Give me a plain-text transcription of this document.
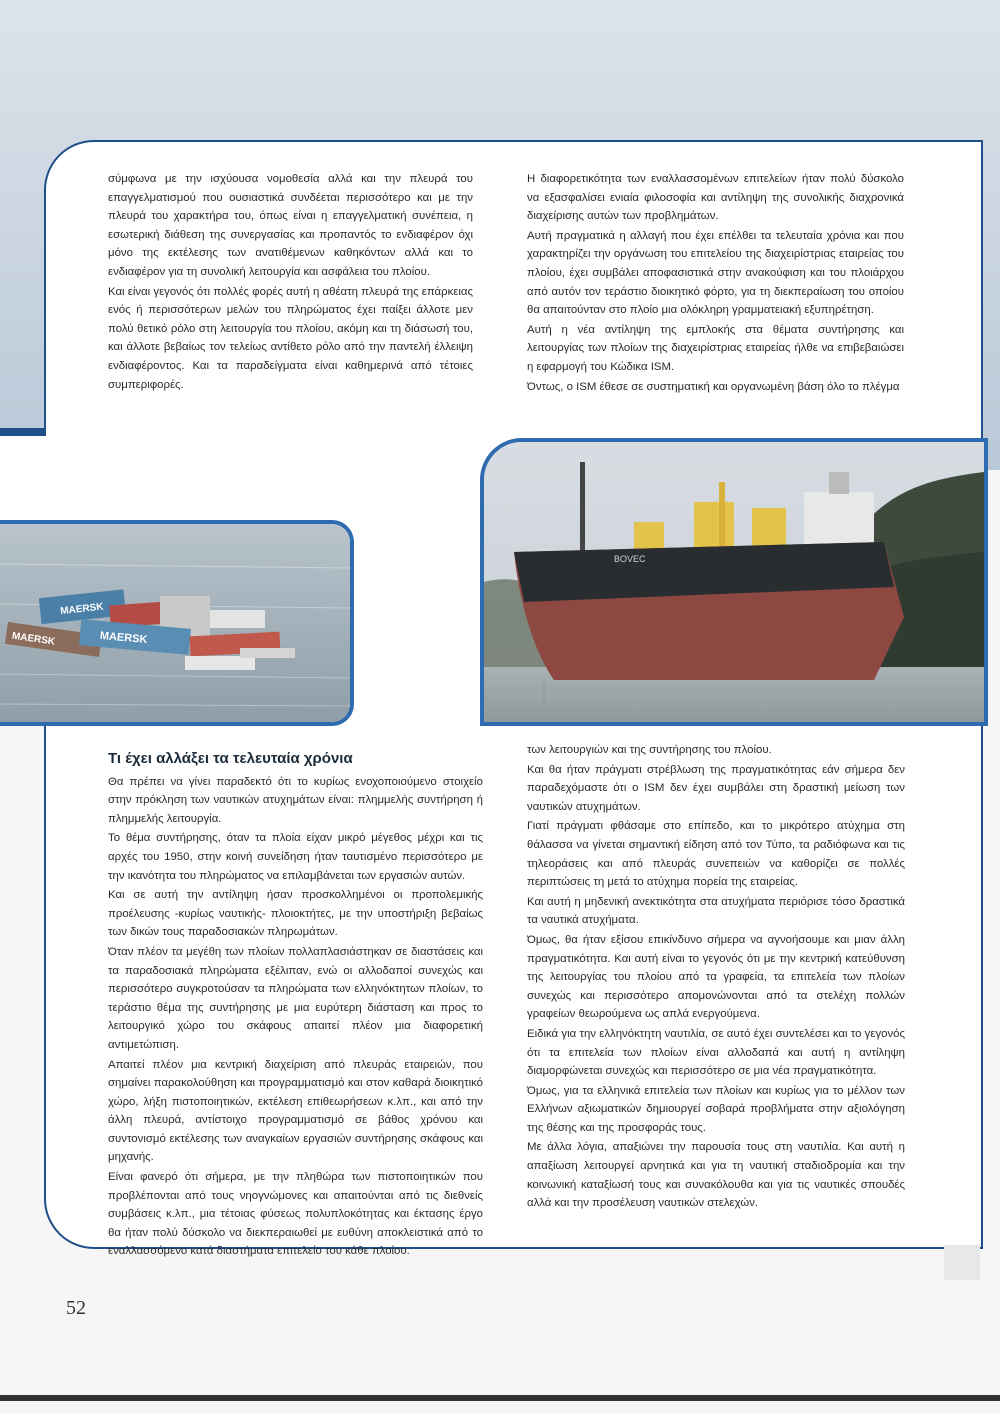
σύμφωνα με την ισχύουσα νομοθεσία αλλά και την πλευρά του επαγγελματισμού που ουσιαστικά συνδέεται περισσότερο και με την πλευρά του χαρακτήρα του, όπως είναι η επαγγελματική συνέπεια, η εσωτερική διάθεση της συνεργασίας και προπαντός το ενδιαφέρον όχι μόνο της εκτέλεσης των ανατιθέμενων καθηκόντων αλλά και το ενδιαφέρον για τη συνολική λειτουργία και ασφάλεια του πλοίου.

Και είναι γεγονός ότι πολλές φορές αυτή η αθέατη πλευρά της επάρκειας ενός ή περισσότερων μελών του πληρώματος έχει παίξει άλλοτε μεν πολύ θετικό ρόλο στη λειτουργία του πλοίου, ακόμη και τη διάσωσή του, και άλλοτε βεβαίως τον τελείως αντίθετο ρόλο από την παντελή έλλειψη ενδιαφέροντος. Και τα παραδείγματα είναι καθημερινά από τέτοιες συμπεριφορές.

Η διαφορετικότητα των εναλλασσομένων επιτελείων ήταν πολύ δύσκολο να εξασφαλίσει ενιαία φιλοσοφία και αντίληψη της συνολικής διαχρονικά διαχείρισης αυτών των προβλημάτων.

Αυτή πραγματικά η αλλαγή που έχει επέλθει τα τελευταία χρόνια και που χαρακτηρίζει την οργάνωση του επιτελείου της διαχειρίστριας εταιρείας του πλοίου, έχει συμβάλει αποφασιστικά στην ανακούφιση και του πλοιάρχου από αυτόν τον τεράστιο διοικητικό φόρτο, για τη διεκπεραίωση του οποίου θα απαιτούνταν στο πλοίο μια ολόκληρη γραμματειακή εξυπηρέτηση.

Αυτή η νέα αντίληψη της εμπλοκής στα θέματα συντήρησης και λειτουργίας των πλοίων της διαχειρίστριας εταιρείας ήλθε να επιβεβαιώσει η εφαρμογή του Κώδικα ISM.

Όντως, ο ISM έθεσε σε συστηματική και οργανωμένη βάση όλο το πλέγμα

MAERSK
MAERSK
MAERSK
BOVEC
Τι έχει αλλάξει τα τελευταία χρόνια

Θα πρέπει να γίνει παραδεκτό ότι το κυρίως ενοχοποιούμενο στοιχείο στην πρόκληση των ναυτικών ατυχημάτων είναι: πλημμελής συντήρηση ή πλημμελής λειτουργία.

Το θέμα συντήρησης, όταν τα πλοία είχαν μικρό μέγεθος μέχρι και τις αρχές του 1950, στην κοινή συνείδηση ήταν ταυτισμένο περισσότερο με την ικανότητα του πληρώματος να επιλαμβάνεται των εργασιών αυτών.

Και σε αυτή την αντίληψη ήσαν προσκολλημένοι οι προπολεμικής προέλευσης -κυρίως ναυτικής- πλοιοκτήτες, με την υποστήριξη βεβαίως των δικών τους παραδοσιακών πληρωμάτων.

Όταν πλέον τα μεγέθη των πλοίων πολλαπλασιάστηκαν σε διαστάσεις και τα παραδοσιακά πληρώματα εξέλιπαν, ενώ οι αλλοδαποί συνεχώς και περισσότερο συγκροτούσαν τα πληρώματα των ελληνόκτητων πλοίων, το τεράστιο θέμα της συντήρησης με μια ευρύτερη διάσταση και προς το λειτουργικό χώρο του σκάφους απαιτεί πλέον μια διαφορετική αντιμετώπιση.

Απαιτεί πλέον μια κεντρική διαχείριση από πλευράς εταιρειών, που σημαίνει παρακολούθηση και προγραμματισμό και στον καθαρά διοικητικό χώρο, λήξη πιστοποιητικών, εκτέλεση επιθεωρήσεων κ.λπ., και από την άλλη πλευρά, αντίστοιχο προγραμματισμό σε βάθος χρόνου και συντονισμό εκτέλεσης των αναγκαίων εργασιών συντήρησης σκάφους και μηχανής.

Είναι φανερό ότι σήμερα, με την πληθώρα των πιστοποιητικών που προβλέπονται από τους νηογνώμονες και απαιτούνται από τις διεθνείς συμβάσεις κ.λπ., μια τέτοιας φύσεως πολυπλοκότητας και έκτασης έργο θα ήταν πολύ δύσκολο να διεκπεραιωθεί με ευθύνη αποκλειστικά από το εναλλασσόμενο κατά διαστήματα επιτελείο του κάθε πλοίου.

των λειτουργιών και της συντήρησης του πλοίου.

Και θα ήταν πράγματι στρέβλωση της πραγματικότητας εάν σήμερα δεν παραδεχόμαστε ότι ο ISM δεν έχει συμβάλει στη δραστική μείωση των ναυτικών ατυχημάτων.

Γιατί πράγματι φθάσαμε στο επίπεδο, και το μικρότερο ατύχημα στη θάλασσα να γίνεται σημαντική είδηση από τον Τύπο, τα ραδιόφωνα και τις τηλεοράσεις και από πλευράς συνεπειών να καθορίζει σε πολλές περιπτώσεις τη μετά το ατύχημα πορεία της εταιρείας.

Και αυτή η μηδενική ανεκτικότητα στα ατυχήματα περιόρισε τόσο δραστικά τα ναυτικά ατυχήματα.

Όμως, θα ήταν εξίσου επικίνδυνο σήμερα να αγνοήσουμε και μιαν άλλη πραγματικότητα. Και αυτή είναι το γεγονός ότι με την κεντρική κατεύθυνση της λειτουργίας του πλοίου από τα γραφεία, τα επιτελεία των πλοίων συνεχώς και περισσότερο απομονώνονται από τα στελέχη πολλών γραφείων θεωρούμενα ως απλά ενεργούμενα.

Ειδικά για την ελληνόκτητη ναυτιλία, σε αυτό έχει συντελέσει και το γεγονός ότι τα επιτελεία των πλοίων είναι αλλοδαπά και αυτή η αντίληψη διαμορφώνεται συνεχώς και περισσότερο σε μια νέα πραγματικότητα.

Όμως, για τα ελληνικά επιτελεία των πλοίων και κυρίως για το μέλλον των Ελλήνων αξιωματικών δημιουργεί σοβαρά προβλήματα στην αξιολόγηση της θέσης και της προσφοράς τους.

Με άλλα λόγια, απαξιώνει την παρουσία τους στη ναυτιλία. Και αυτή η απαξίωση λειτουργεί αρνητικά και για τη ναυτική σταδιοδρομία και την κοινωνική καταξίωσή τους και συνακόλουθα και για τις ναυτικές σπουδές αλλά και την προσέλευση ναυτικών στελεχών.

52
